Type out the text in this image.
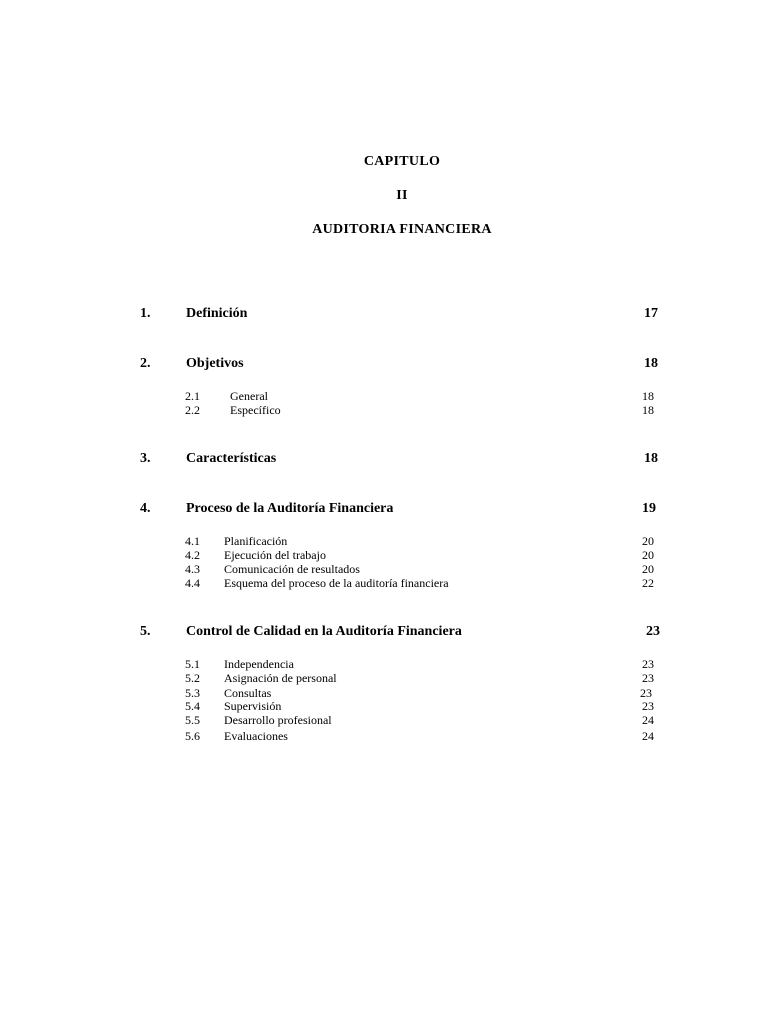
CAPITULO
II
AUDITORIA FINANCIERA
1.	Definición	17
2.	Objetivos	18
2.1	General	18
2.2	Específico	18
3.	Características	18
4.	Proceso de la Auditoría Financiera	19
4.1 Planificación	20
4.2 Ejecución del trabajo	20
4.3 Comunicación de resultados	20
4.4 Esquema del proceso de la auditoría financiera	22
5.	Control de Calidad en la Auditoría Financiera	23
5.1 Independencia	23
5.2 Asignación de personal	23
5.3 Consultas	23
5.4 Supervisión	23
5.5 Desarrollo profesional	24
5.6 Evaluaciones	24
